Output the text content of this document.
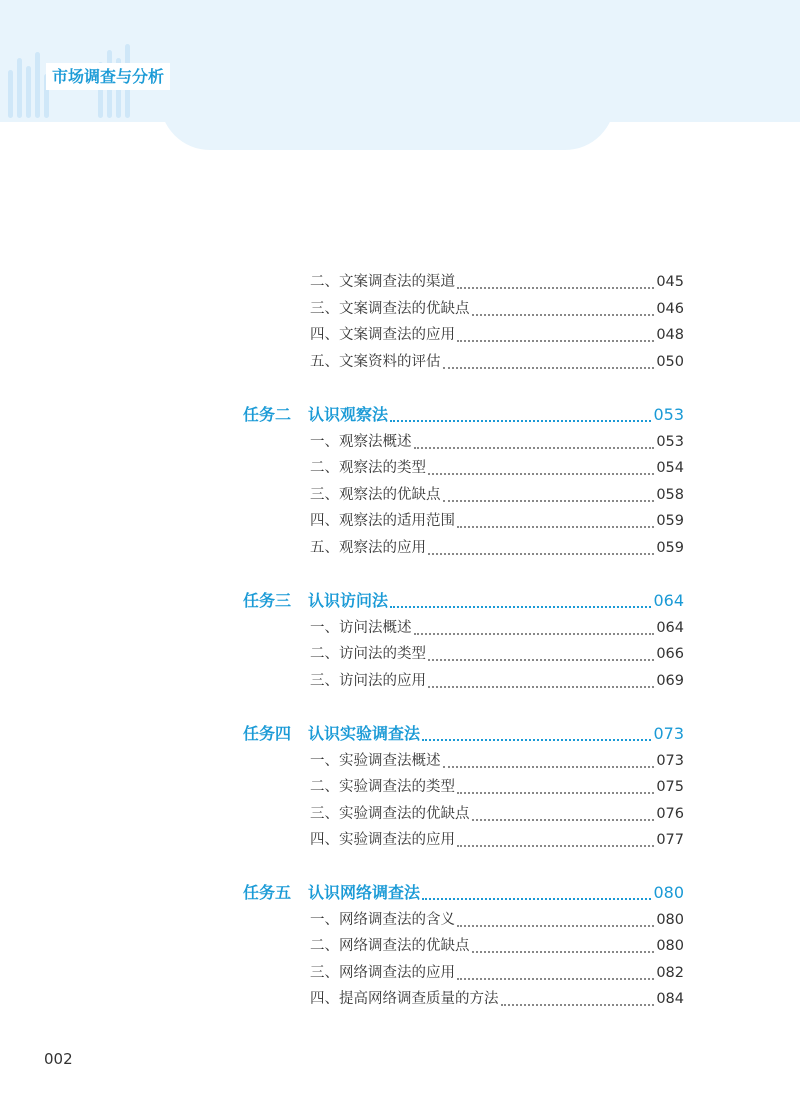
市场调查与分析
二、文案调查法的渠道	045
三、文案调查法的优缺点	046
四、文案调查法的应用	048
五、文案资料的评估	050
任务二	认识观察法	053
一、观察法概述	053
二、观察法的类型	054
三、观察法的优缺点	058
四、观察法的适用范围	059
五、观察法的应用	059
任务三	认识访问法	064
一、访问法概述	064
二、访问法的类型	066
三、访问法的应用	069
任务四	认识实验调查法	073
一、实验调查法概述	073
二、实验调查法的类型	075
三、实验调查法的优缺点	076
四、实验调查法的应用	077
任务五	认识网络调查法	080
一、网络调查法的含义	080
二、网络调查法的优缺点	080
三、网络调查法的应用	082
四、提高网络调查质量的方法	084
002
